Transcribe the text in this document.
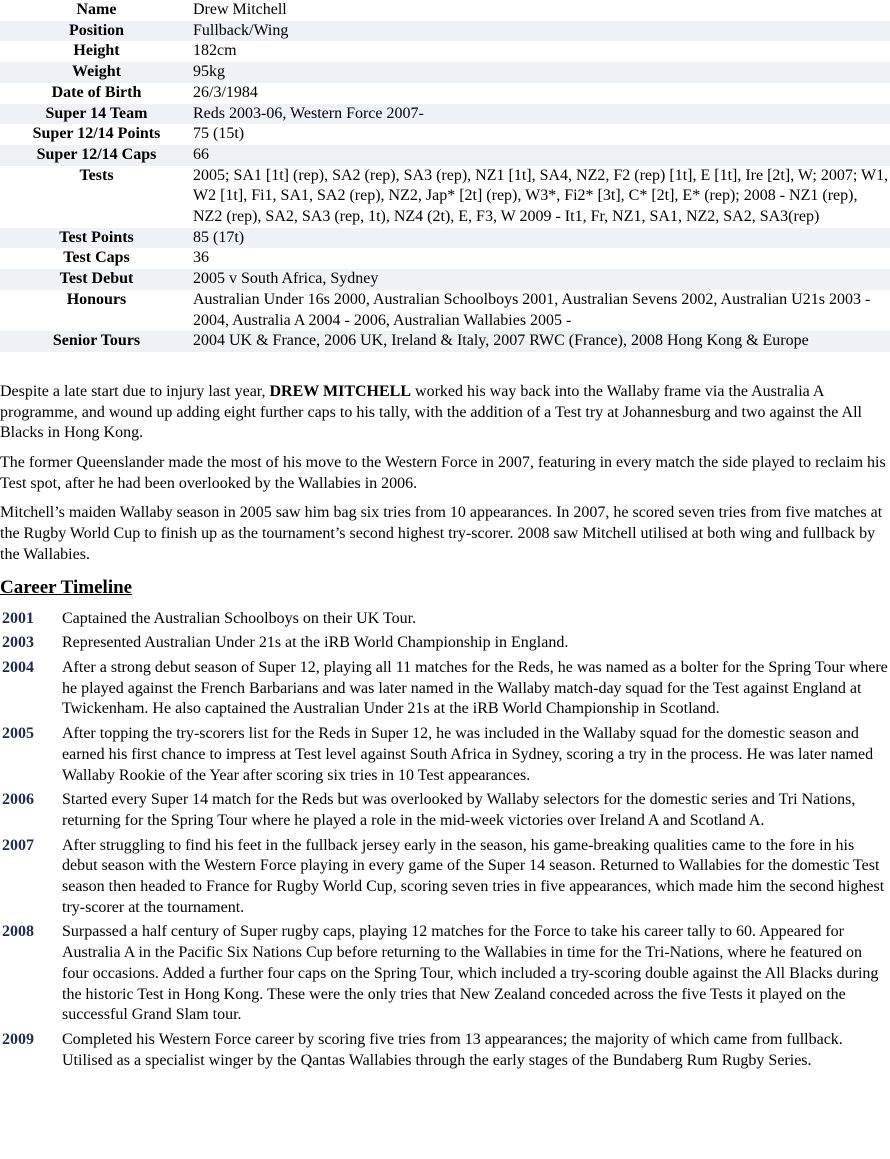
Name	Drew Mitchell
Position	Fullback/Wing
Height	182cm
Weight	95kg
Date of Birth	26/3/1984
Super 14 Team	Reds 2003-06, Western Force 2007-
Super 12/14 Points	75 (15t)
Super 12/14 Caps	66
Tests	2005; SA1 [1t] (rep), SA2 (rep), SA3 (rep), NZ1 [1t], SA4, NZ2, F2 (rep) [1t], E [1t], Ire [2t], W; 2007; W1, W2 [1t], Fi1, SA1, SA2 (rep), NZ2, Jap* [2t] (rep), W3*, Fi2* [3t], C* [2t], E* (rep); 2008 - NZ1 (rep), NZ2 (rep), SA2, SA3 (rep, 1t), NZ4 (2t), E, F3, W 2009 - It1, Fr, NZ1, SA1, NZ2, SA2, SA3(rep)
Test Points	85 (17t)
Test Caps	36
Test Debut	2005 v South Africa, Sydney
Honours	Australian Under 16s 2000, Australian Schoolboys 2001, Australian Sevens 2002, Australian U21s 2003 - 2004, Australia A 2004 - 2006, Australian Wallabies 2005 -
Senior Tours	2004 UK & France, 2006 UK, Ireland & Italy, 2007 RWC (France), 2008 Hong Kong & Europe

Despite a late start due to injury last year, DREW MITCHELL worked his way back into the Wallaby frame via the Australia A programme, and wound up adding eight further caps to his tally, with the addition of a Test try at Johannesburg and two against the All Blacks in Hong Kong.

The former Queenslander made the most of his move to the Western Force in 2007, featuring in every match the side played to reclaim his Test spot, after he had been overlooked by the Wallabies in 2006.

Mitchell’s maiden Wallaby season in 2005 saw him bag six tries from 10 appearances. In 2007, he scored seven tries from five matches at the Rugby World Cup to finish up as the tournament’s second highest try-scorer. 2008 saw Mitchell utilised at both wing and fullback by the Wallabies.

Career Timeline
2001	Captained the Australian Schoolboys on their UK Tour.
2003	Represented Australian Under 21s at the iRB World Championship in England.
2004	After a strong debut season of Super 12, playing all 11 matches for the Reds, he was named as a bolter for the Spring Tour where he played against the French Barbarians and was later named in the Wallaby match-day squad for the Test against England at Twickenham. He also captained the Australian Under 21s at the iRB World Championship in Scotland.
2005	After topping the try-scorers list for the Reds in Super 12, he was included in the Wallaby squad for the domestic season and earned his first chance to impress at Test level against South Africa in Sydney, scoring a try in the process. He was later named Wallaby Rookie of the Year after scoring six tries in 10 Test appearances.
2006	Started every Super 14 match for the Reds but was overlooked by Wallaby selectors for the domestic series and Tri Nations, returning for the Spring Tour where he played a role in the mid-week victories over Ireland A and Scotland A.
2007	After struggling to find his feet in the fullback jersey early in the season, his game-breaking qualities came to the fore in his debut season with the Western Force playing in every game of the Super 14 season. Returned to Wallabies for the domestic Test season then headed to France for Rugby World Cup, scoring seven tries in five appearances, which made him the second highest try-scorer at the tournament.
2008	Surpassed a half century of Super rugby caps, playing 12 matches for the Force to take his career tally to 60. Appeared for Australia A in the Pacific Six Nations Cup before returning to the Wallabies in time for the Tri-Nations, where he featured on four occasions. Added a further four caps on the Spring Tour, which included a try-scoring double against the All Blacks during the historic Test in Hong Kong. These were the only tries that New Zealand conceded across the five Tests it played on the successful Grand Slam tour.
2009	Completed his Western Force career by scoring five tries from 13 appearances; the majority of which came from fullback. Utilised as a specialist winger by the Qantas Wallabies through the early stages of the Bundaberg Rum Rugby Series.
